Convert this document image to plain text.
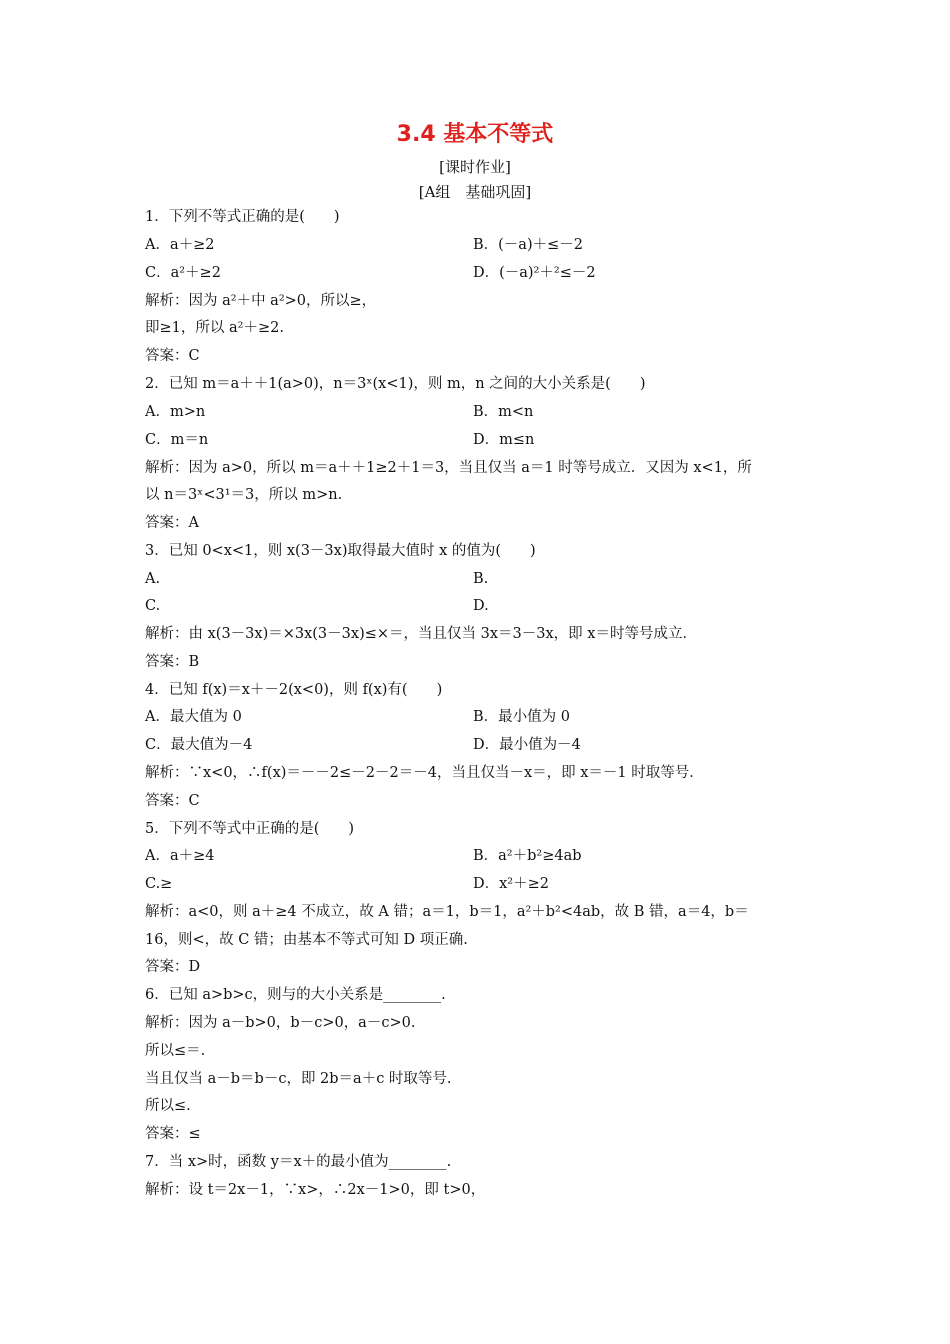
3.4 基本不等式
[课时作业]
[A组　基础巩固]
1．下列不等式正确的是(　　)
A．a＋≥2	B．(－a)＋≤－2
C．a²＋≥2	D．(－a)²＋²≤－2
解析：因为 a²＋中 a²>0，所以≥，
即≥1，所以 a²＋≥2.
答案：C
2．已知 m＝a＋＋1(a>0)，n＝3ˣ(x<1)，则 m，n 之间的大小关系是(　　)
A．m>n	B．m<n
C．m＝n	D．m≤n
解析：因为 a>0，所以 m＝a＋＋1≥2＋1＝3，当且仅当 a＝1 时等号成立．又因为 x<1，所
以 n＝3ˣ<3¹＝3，所以 m>n.
答案：A
3．已知 0<x<1，则 x(3－3x)取得最大值时 x 的值为(　　)
A.	B.
C.	D.
解析：由 x(3－3x)＝×3x(3－3x)≤×＝，当且仅当 3x＝3－3x，即 x＝时等号成立．
答案：B
4．已知 f(x)＝x＋－2(x<0)，则 f(x)有(　　)
A．最大值为 0	B．最小值为 0
C．最大值为－4	D．最小值为－4
解析：∵x<0，∴f(x)＝－－2≤－2－2＝－4，当且仅当－x＝，即 x＝－1 时取等号．
答案：C
5．下列不等式中正确的是(　　)
A．a＋≥4	B．a²＋b²≥4ab
C.≥	D．x²＋≥2
解析：a<0，则 a＋≥4 不成立，故 A 错；a＝1，b＝1，a²＋b²<4ab，故 B 错，a＝4，b＝
16，则<，故 C 错；由基本不等式可知 D 项正确.
答案：D
6．已知 a>b>c，则与的大小关系是________.
解析：因为 a－b>0，b－c>0，a－c>0.
所以≤＝.
当且仅当 a－b＝b－c，即 2b＝a＋c 时取等号.
所以≤.
答案：≤
7．当 x>时，函数 y＝x＋的最小值为________.
解析：设 t＝2x－1，∵x>，∴2x－1>0，即 t>0，
